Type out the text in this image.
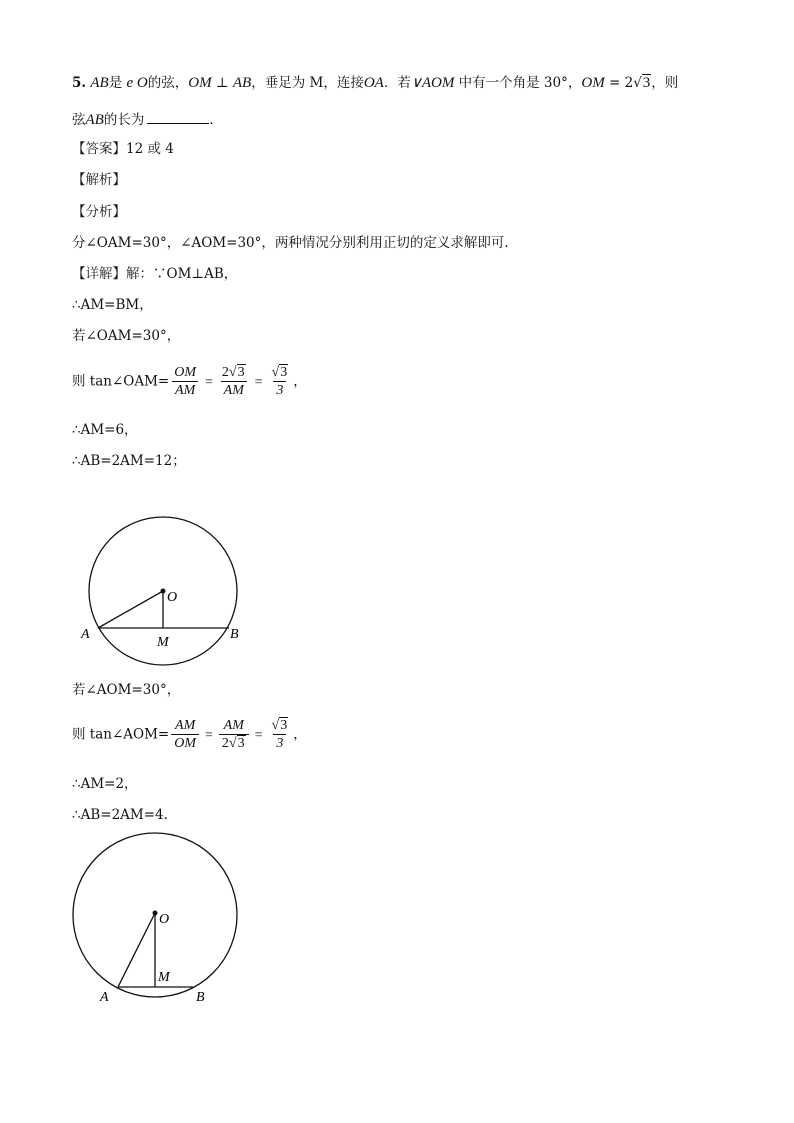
5. AB是 e O的弦，OM ⊥ AB，垂足为 M，连接OA．若∨AOM 中有一个角是 30°，OM = 2√3，则
弦AB的长为	．
【答案】12 或 4
【解析】
【分析】
分∠OAM=30°，∠AOM=30°，两种情况分别利用正切的定义求解即可.
【详解】解：∵OM⊥AB，
∴AM=BM，
若∠OAM=30°，
则 tan∠OAM= $\frac{OM}{AM} = \frac{2√3}{AM} = \frac{√3}{3}$ ，
∴AM=6，
∴AB=2AM=12；
O
A
M
B
若∠AOM=30°，
则 tan∠AOM= $\frac{AM}{OM} = \frac{AM}{2√3} = \frac{√3}{3}$ ，
∴AM=2，
∴AB=2AM=4.
O
M
A	B
